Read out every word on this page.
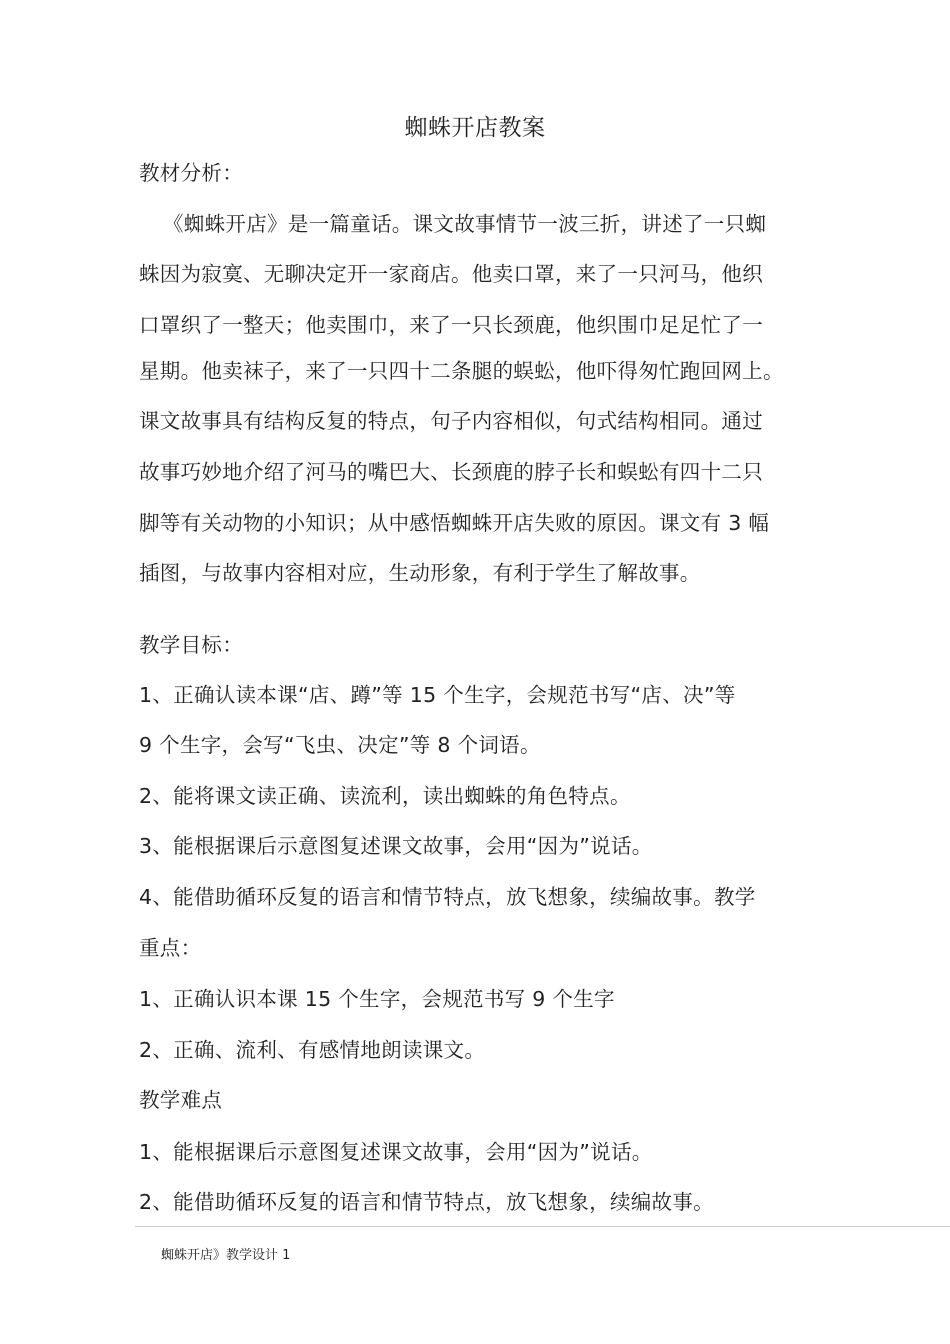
蜘蛛开店教案
教材分析：
《蜘蛛开店》是一篇童话。课文故事情节一波三折，讲述了一只蜘
蛛因为寂寞、无聊决定开一家商店。他卖口罩，来了一只河马，他织
口罩织了一整天；他卖围巾，来了一只长颈鹿，他织围巾足足忙了一
星期。他卖袜子，来了一只四十二条腿的蜈蚣，他吓得匆忙跑回网上。
课文故事具有结构反复的特点，句子内容相似，句式结构相同。通过
故事巧妙地介绍了河马的嘴巴大、长颈鹿的脖子长和蜈蚣有四十二只
脚等有关动物的小知识；从中感悟蜘蛛开店失败的原因。课文有 3 幅
插图，与故事内容相对应，生动形象，有利于学生了解故事。
教学目标：
1、正确认读本课“店、蹲”等 15 个生字，会规范书写“店、决”等
9 个生字，会写“飞虫、决定”等 8 个词语。
2、能将课文读正确、读流利，读出蜘蛛的角色特点。
3、能根据课后示意图复述课文故事，会用“因为”说话。
4、能借助循环反复的语言和情节特点，放飞想象，续编故事。教学
重点：
1、正确认识本课 15 个生字，会规范书写 9 个生字
2、正确、流利、有感情地朗读课文。
教学难点
1、能根据课后示意图复述课文故事，会用“因为”说话。
2、能借助循环反复的语言和情节特点，放飞想象，续编故事。
蜘蛛开店》教学设计 1
